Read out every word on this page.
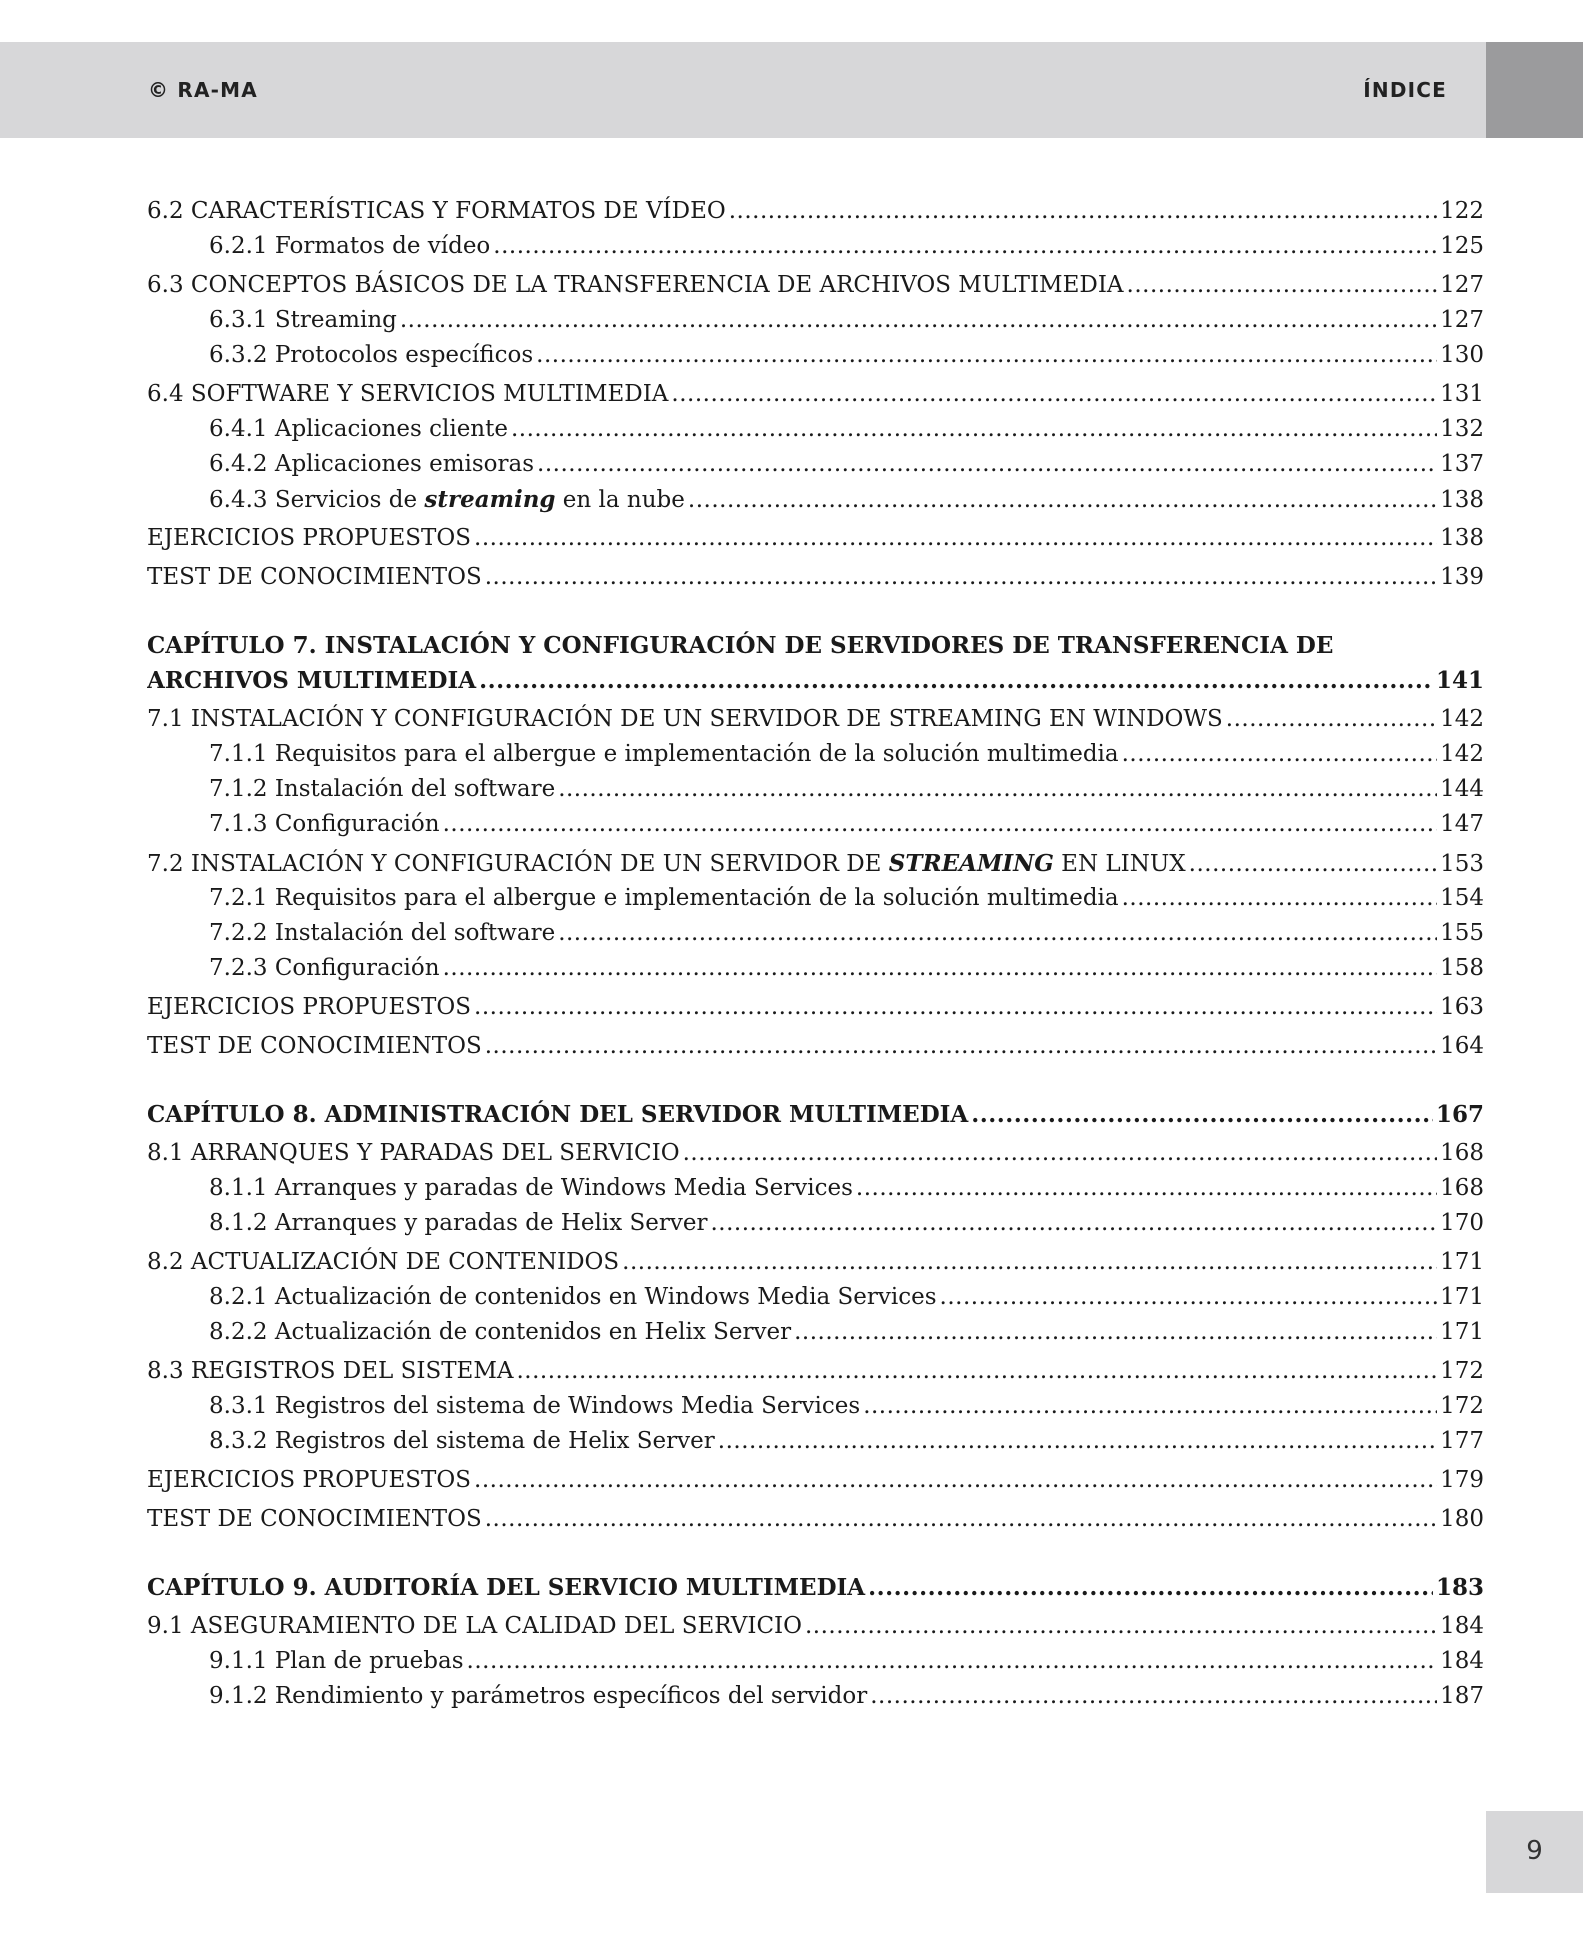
© RA-MA	ÍNDICE
6.2 CARACTERÍSTICAS Y FORMATOS DE VÍDEO .....	122
6.2.1 Formatos de vídeo .....	125
6.3 CONCEPTOS BÁSICOS DE LA TRANSFERENCIA DE ARCHIVOS MULTIMEDIA .....	127
6.3.1 Streaming .....	127
6.3.2 Protocolos específicos .....	130
6.4 SOFTWARE Y SERVICIOS MULTIMEDIA .....	131
6.4.1 Aplicaciones cliente .....	132
6.4.2 Aplicaciones emisoras .....	137
6.4.3 Servicios de streaming en la nube .....	138
EJERCICIOS PROPUESTOS .....	138
TEST DE CONOCIMIENTOS .....	139
CAPÍTULO 7. INSTALACIÓN Y CONFIGURACIÓN DE SERVIDORES DE TRANSFERENCIA DE
ARCHIVOS MULTIMEDIA .....	141
7.1 INSTALACIÓN Y CONFIGURACIÓN DE UN SERVIDOR DE STREAMING EN WINDOWS .....	142
7.1.1 Requisitos para el albergue e implementación de la solución multimedia .....	142
7.1.2 Instalación del software .....	144
7.1.3 Configuración .....	147
7.2 INSTALACIÓN Y CONFIGURACIÓN DE UN SERVIDOR DE STREAMING EN LINUX .....	153
7.2.1 Requisitos para el albergue e implementación de la solución multimedia .....	154
7.2.2 Instalación del software .....	155
7.2.3 Configuración .....	158
EJERCICIOS PROPUESTOS .....	163
TEST DE CONOCIMIENTOS .....	164
CAPÍTULO 8. ADMINISTRACIÓN DEL SERVIDOR MULTIMEDIA .....	167
8.1 ARRANQUES Y PARADAS DEL SERVICIO .....	168
8.1.1 Arranques y paradas de Windows Media Services .....	168
8.1.2 Arranques y paradas de Helix Server .....	170
8.2 ACTUALIZACIÓN DE CONTENIDOS .....	171
8.2.1 Actualización de contenidos en Windows Media Services .....	171
8.2.2 Actualización de contenidos en Helix Server .....	171
8.3 REGISTROS DEL SISTEMA .....	172
8.3.1 Registros del sistema de Windows Media Services .....	172
8.3.2 Registros del sistema de Helix Server .....	177
EJERCICIOS PROPUESTOS .....	179
TEST DE CONOCIMIENTOS .....	180
CAPÍTULO 9. AUDITORÍA DEL SERVICIO MULTIMEDIA .....	183
9.1 ASEGURAMIENTO DE LA CALIDAD DEL SERVICIO .....	184
9.1.1 Plan de pruebas .....	184
9.1.2 Rendimiento y parámetros específicos del servidor .....	187
9
